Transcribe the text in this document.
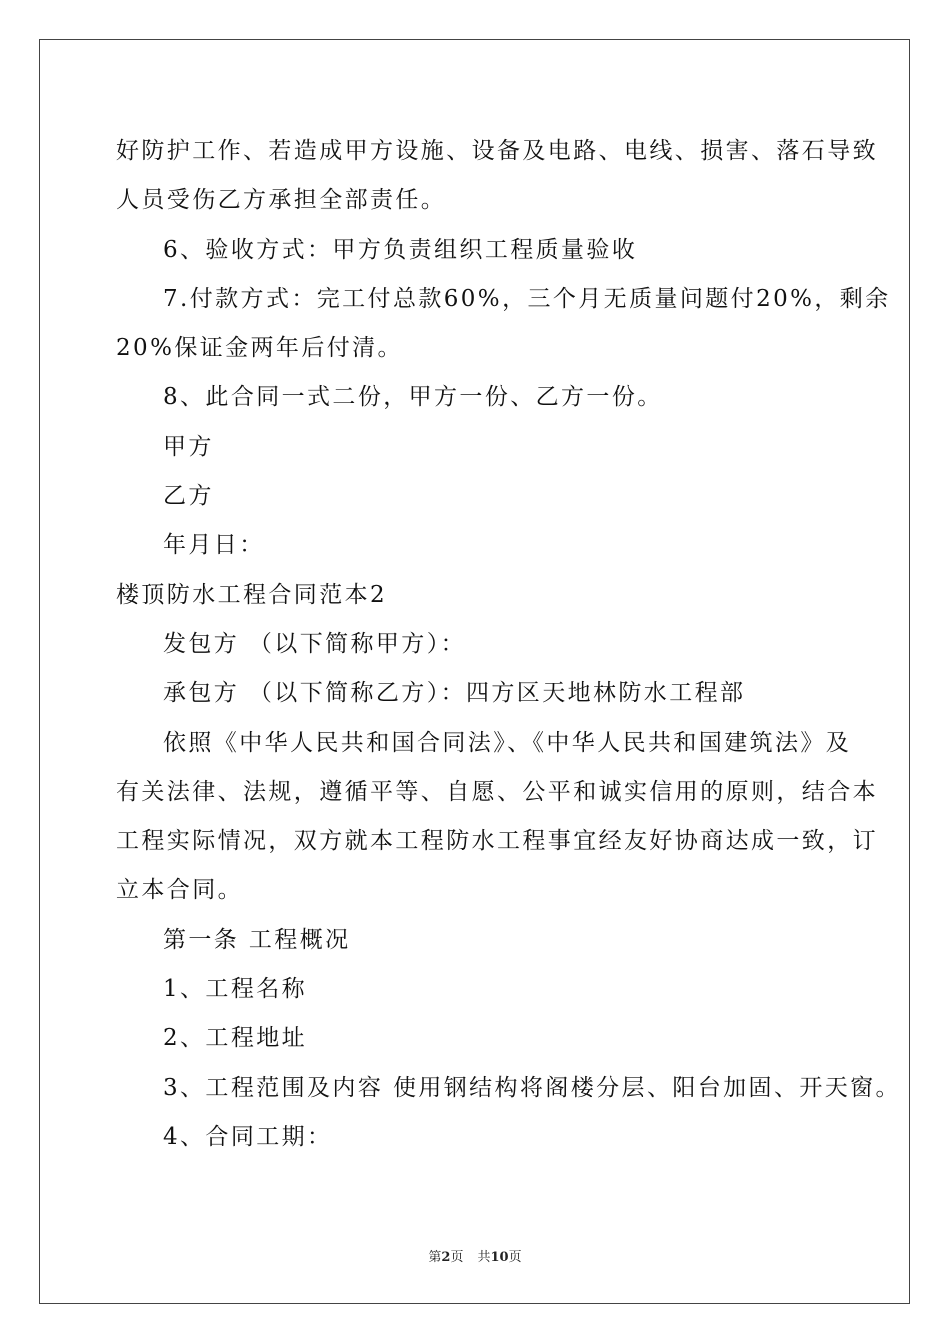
好防护工作、若造成甲方设施、设备及电路、电线、损害、落石导致
人员受伤乙方承担全部责任。
6、验收方式：甲方负责组织工程质量验收
7.付款方式：完工付总款60%，三个月无质量问题付20%，剩余
20%保证金两年后付清。
8、此合同一式二份，甲方一份、乙方一份。
甲方
乙方
年月日：
楼顶防水工程合同范本2
发包方 （以下简称甲方）：
承包方 （以下简称乙方）：四方区天地林防水工程部
依照《中华人民共和国合同法》、《中华人民共和国建筑法》及
有关法律、法规，遵循平等、自愿、公平和诚实信用的原则，结合本
工程实际情况，双方就本工程防水工程事宜经友好协商达成一致，订
立本合同。
第一条 工程概况
1、工程名称
2、工程地址
3、工程范围及内容 使用钢结构将阁楼分层、阳台加固、开天窗。
4、合同工期：
第2页 共10页
